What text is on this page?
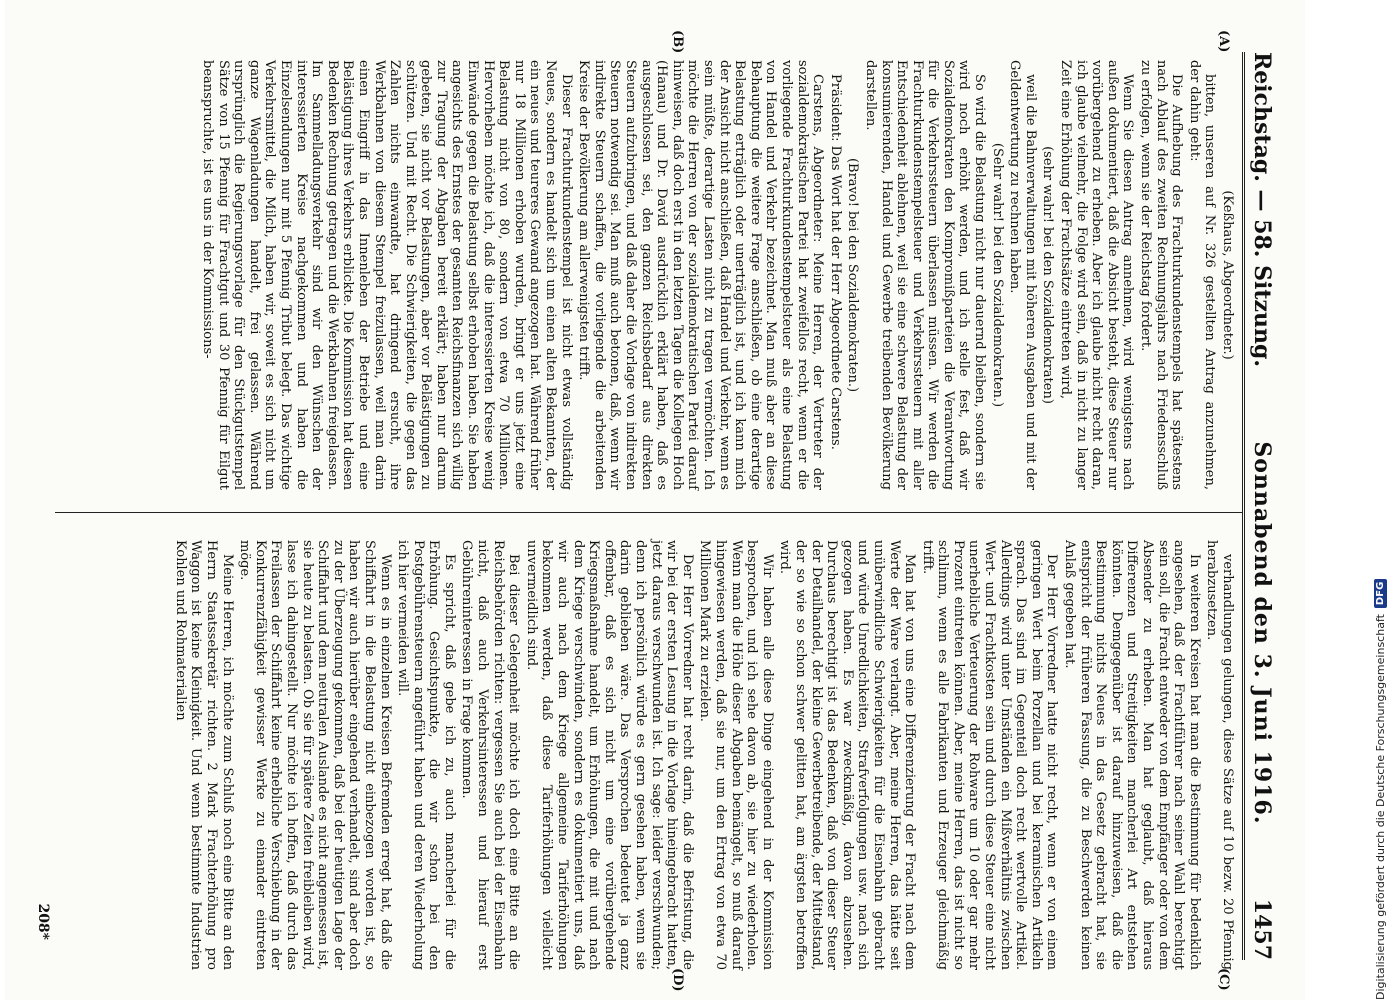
Reichstag. — 58. Sitzung.
Sonnabend den 3. Juni 1916.
1457
(A)
(B)
(C)
(D)

(Keßhaus, Abgeordneter.)

bitten, unseren auf Nr. 326 gestellten Antrag anzunehmen, der dahin geht:

Die Aufhebung des Frachturkundenstempels hat spätestens nach Ablauf des zweiten Rechnungsjahrs nach Friedensschluß zu erfolgen, wenn sie der Reichstag fordert.

Wenn Sie diesen Antrag annehmen, wird wenigstens nach außen dokumentiert, daß die Absicht besteht, diese Steuer nur vorübergehend zu erheben. Aber ich glaube nicht recht daran, ich glaube vielmehr, die Folge wird sein, daß in nicht zu langer Zeit eine Erhöhung der Frachtsätze eintreten wird,

(sehr wahr! bei den Sozialdemokraten)

weil die Bahnverwaltungen mit höheren Ausgaben und mit der Geldentwertung zu rechnen haben.

(Sehr wahr! bei den Sozialdemokraten.)

So wird die Belastung nicht nur dauernd bleiben, sondern sie wird noch erhöht werden, und ich stelle fest, daß wir Sozialdemokraten den Kompromißparteien die Verantwortung für die Verkehrssteuern überlassen müssen. Wir werden die Frachturkundenstempelsteuer und Verkehrssteuern mit aller Entschiedenheit ablehnen, weil sie eine schwere Belastung der konsumierenden, Handel und Gewerbe treibenden Bevölkerung darstellen.

(Bravo! bei den Sozialdemokraten.)

Präsident: Das Wort hat der Herr Abgeordnete Carstens.

Carstens, Abgeordneter: Meine Herren, der Vertreter der sozialdemokratischen Partei hat zweifellos recht, wenn er die vorliegende Frachturkundenstempelsteuer als eine Belastung von Handel und Verkehr bezeichnet. Man muß aber an diese Behauptung die weitere Frage anschließen, ob eine derartige Belastung erträglich oder unerträglich ist, und ich kann mich der Ansicht nicht anschließen, daß Handel und Verkehr, wenn es sein müßte, derartige Lasten nicht zu tragen vermöchten. Ich möchte die Herren von der sozialdemokratischen Partei darauf hinweisen, daß doch erst in den letzten Tagen die Kollegen Hoch (Hanau) und Dr. David ausdrücklich erklärt haben, daß es ausgeschlossen sei, den ganzen Reichsbedarf aus direkten Steuern aufzubringen, und daß daher die Vorlage von indirekten Steuern notwendig sei. Man muß auch betonen, daß, wenn wir indirekte Steuern schaffen, die vorliegende die arbeitenden Kreise der Bevölkerung am allerwenigsten trifft.

Dieser Frachturkundenstempel ist nicht etwas vollständig Neues, sondern es handelt sich um einen alten Bekannten, der ein neues und teureres Gewand angezogen hat. Während früher nur 18 Millionen erhoben wurden, bringt er uns jetzt eine Belastung nicht von 80, sondern von etwa 70 Millionen. Hervorheben möchte ich, daß die interessierten Kreise wenig Einwände gegen die Belastung selbst erhoben haben. Sie haben angesichts des Ernstes der gesamten Reichsfinanzen sich willig zur Tragung der Abgaben bereit erklärt; haben nur darum gebeten, sie nicht vor Belastungen, aber vor Belästigungen zu schützen. Und mit Recht. Die Schwierigkeiten, die gegen das Zahlen nichts einwandte, hat dringend ersucht, ihre Werkbahnen von diesem Stempel freizulassen, weil man darin einen Eingriff in das Innenleben der Betriebe und eine Belästigung ihres Verkehrs erblickte. Die Kommission hat diesen Bedenken Rechnung getragen und die Werkbahnen freigelassen. Im Sammelladungsverkehr sind wir den Wünschen der interessierten Kreise nachgekommen und haben die Einzelsendungen nur mit 5 Pfennig Tribut belegt. Das wichtige Verkehrsmittel, die Milch, haben wir, soweit es sich nicht um ganze Wagenladungen handelt, frei gelassen. Während ursprünglich die Regierungsvorlage für den Stückgutstempel Sätze von 15 Pfennig für Frachtgut und 30 Pfennig für Eilgut beanspruchte, ist es uns in der Kommissions-

verhandlungen gelungen, diese Sätze auf 10 bezw. 20 Pfennig herabzusetzen.

In weiteren Kreisen hat man die Bestimmung für bedenklich angesehen, daß der Frachtführer nach seiner Wahl berechtigt sein soll, die Fracht entweder von dem Empfänger oder von dem Absender zu erheben. Man hat geglaubt, daß hieraus Differenzen und Streitigkeiten mancherlei Art entstehen könnten. Demgegenüber ist darauf hinzuweisen, daß die Bestimmung nichts Neues in das Gesetz gebracht hat, sie entspricht der früheren Fassung, die zu Beschwerden keinen Anlaß gegeben hat.

Der Herr Vorredner hatte nicht recht, wenn er von einem geringen Wert beim Porzellan und bei keramischen Artikeln sprach. Das sind im Gegenteil doch recht wertvolle Artikel. Allerdings wird unter Umständen ein Mißverhältnis zwischen Wert- und Frachtkosten sein und durch diese Steuer eine nicht unerhebliche Verteuerung der Rohware um 10 oder gar mehr Prozent eintreten können. Aber, meine Herren, das ist nicht so schlimm, wenn es alle Fabrikanten und Erzeuger gleichmäßig trifft.

Man hat von uns eine Differenzierung der Fracht nach dem Werte der Ware verlangt. Aber, meine Herren, das hätte seit unüberwindliche Schwierigkeiten für die Eisenbahn gebracht und würde Unredlichkeiten, Strafverfolgungen usw. nach sich gezogen haben. Es war zweckmäßig, davon abzusehen. Durchaus berechtigt ist das Bedenken, daß von dieser Steuer der Detailhandel, der kleine Gewerbetreibende, der Mittelstand, der so wie so schon schwer gelitten hat, am ärgsten betroffen wird.

Wir haben alle diese Dinge eingehend in der Kommission besprochen, und ich sehe davon ab, sie hier zu wiederholen. Wenn man die Höhe dieser Abgaben bemängelt, so muß darauf hingewiesen werden, daß sie nur, um den Ertrag von etwa 70 Millionen Mark zu erzielen.

Der Herr Vorredner hat recht darin, daß die Befristung, die wir bei der ersten Lesung in die Vorlage hineingebracht hatten, jetzt daraus verschwunden ist. Ich sage: leider verschwunden; denn ich persönlich würde es gern gesehen haben, wenn sie darin geblieben wäre. Das Versprochen bedeutet ja ganz offenbar, daß es sich nicht um eine vorübergehende Kriegsmaßnahme handelt, um Erhöhungen, die mit und nach dem Kriege verschwinden, sondern es dokumentiert uns, daß wir auch nach dem Kriege allgemeine Tariferhöhungen bekommen werden, daß diese Tariferhöhungen vielleicht unvermeidlich sind.

Bei dieser Gelegenheit möchte ich doch eine Bitte an die Reichsbehörden richten: vergessen Sie auch bei der Eisenbahn nicht, daß auch Verkehrsinteressen und hierauf erst Gebühreninteressen in Frage kommen.

Es spricht, daß gebe ich zu, auch mancherlei für die Erhöhung. Gesichtspunkte, die wir schon bei den Postgebührensteuern angeführt haben und deren Wiederholung ich hier vermeiden will.

Wenn es in einzelnen Kreisen Befremden erregt hat, daß die Schiffahrt in die Belastung nicht einbezogen worden ist, so haben wir auch hierüber eingehend verhandelt, sind aber doch zu der Überzeugung gekommen, daß bei der heutigen Lage der Schiffahrt und dem neutralen Auslande es nicht angemessen ist, sie heute zu belasten. Ob sie für spätere Zeiten freibleiben wird, lasse ich dahingestellt. Nur möchte ich hoffen, daß durch das Freilassen der Schiffahrt keine erhebliche Verschiebung in der Konkurrenzfähigkeit gewisser Werke zu einander eintreten möge.

Meine Herren, ich möchte zum Schluß noch eine Bitte an den Herrn Staatssekretär richten. 2 Mark Frachterhöhung pro Waggon ist keine Kleinigkeit. Und wenn bestimmte Industrien Kohlen und Rohmaterialien

208*	Digitalisierung gefördert durch die Deutsche Forschungsgemeinschaft
DFG
